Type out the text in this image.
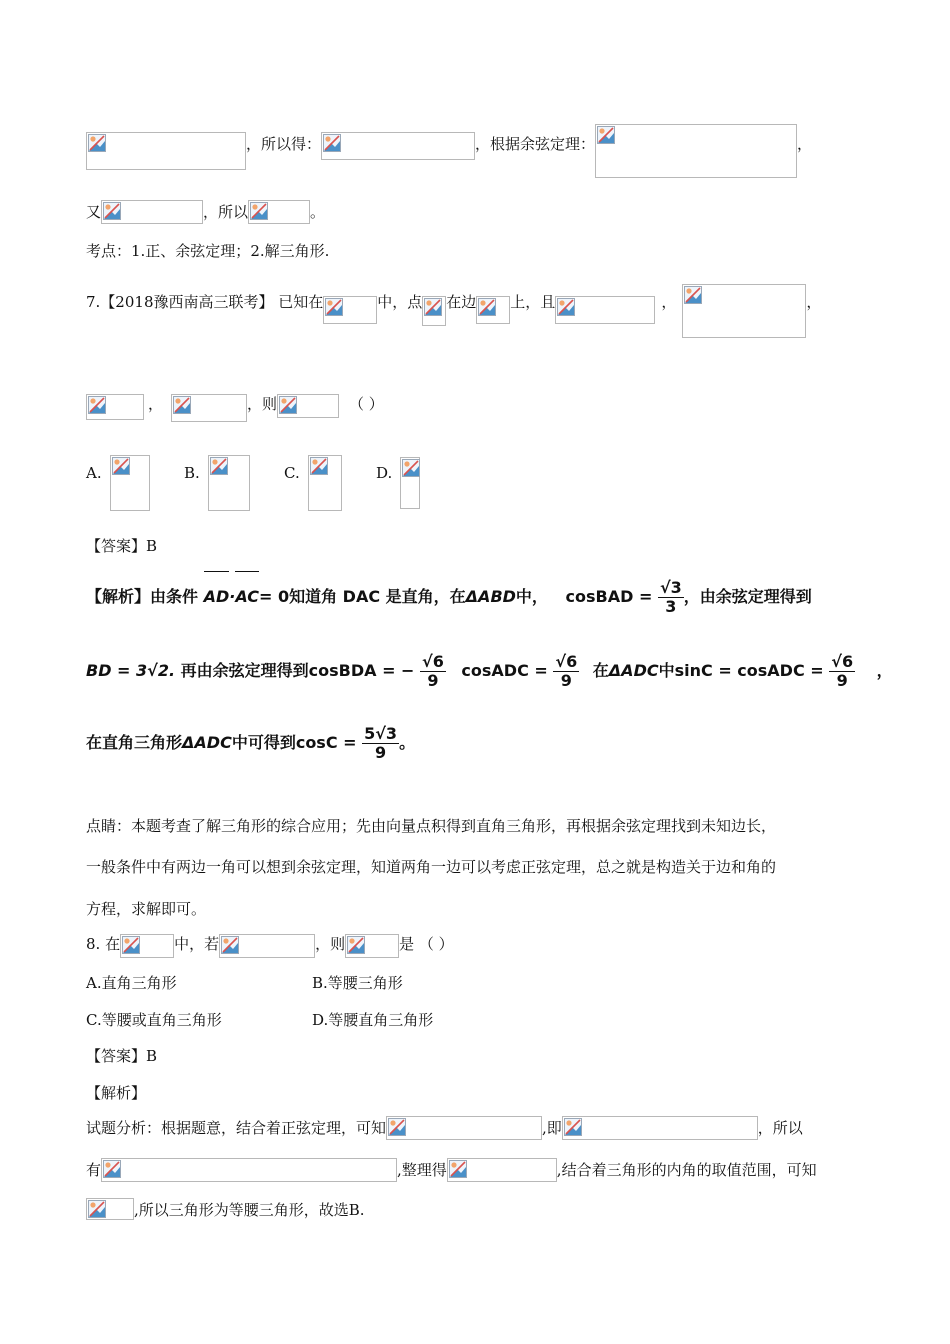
，所以得：	，根据余弦定理：	，
又	，所以	。
考点：1.正、余弦定理；2.解三角形.
7.【2018豫西南高三联考】 已知在	中，点 在边 上，且	，	，
，	，则	（ ）
A.	B.	C.	D.
【答案】B
【解析】由条件 AD·AC= 0知道角 DAC 是直角，在ΔABD中， cosBAD = $\frac{√3}{3}$ ，由余弦定理得到
BD = 3√2. 再由余弦定理得到cosBDA = − $\frac{√6}{9}$ cosADC = $\frac{√6}{9}$ 在ΔADC中sinC = cosADC = $\frac{√6}{9}$ ，
在直角三角形ΔADC中可得到$\cos C = \frac{5√3}{9}$ 。
点睛：本题考查了解三角形的综合应用；先由向量点积得到直角三角形，再根据余弦定理找到未知边长，
一般条件中有两边一角可以想到余弦定理，知道两角一边可以考虑正弦定理，总之就是构造关于边和角的
方程，求解即可。
8. 在	中，若	，则	是 （ ）
A.直角三角形	B.等腰三角形
C.等腰或直角三角形	D.等腰直角三角形
【答案】B
【解析】
试题分析：根据题意，结合着正弦定理，可知	,即	，所以
有	,整理得	,结合着三角形的内角的取值范围，可知
,所以三角形为等腰三角形，故选B.
